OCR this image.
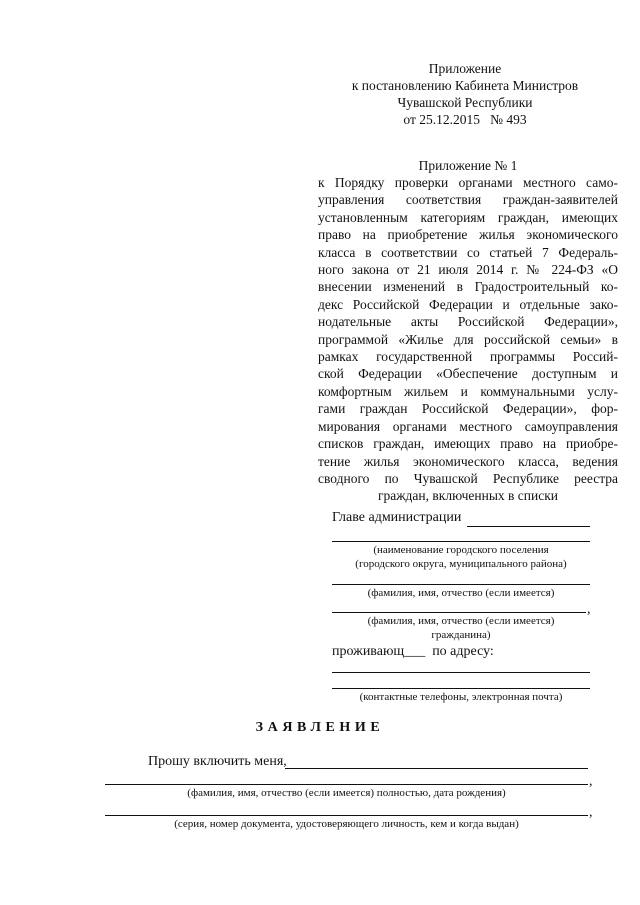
Приложение
к постановлению Кабинета Министров
Чувашской Республики
от 25.12.2015   № 493
Приложение № 1
к Порядку проверки органами местного само-
управления соответствия граждан-заявителей
установленным категориям граждан, имеющих
право на приобретение жилья экономического
класса в соответствии со статьей 7 Федераль-
ного закона от 21 июля 2014 г. № 224-ФЗ «О
внесении изменений в Градостроительный ко-
декс Российской Федерации и отдельные зако-
нодательные акты Российской Федерации»,
программой «Жилье для российской семьи» в
рамках государственной программы Россий-
ской Федерации «Обеспечение доступным и
комфортным жильем и коммунальными услу-
гами граждан Российской Федерации», фор-
мирования органами местного самоуправления
списков граждан, имеющих право на приобре-
тение жилья экономического класса, ведения
сводного по Чувашской Республике реестра
граждан, включенных в списки
Главе администрации
(наименование городского поселения
(городского округа, муниципального района)
(фамилия, имя, отчество (если имеется)
,
(фамилия, имя, отчество (если имеется)
гражданина)
проживающ___  по адресу:
(контактные телефоны, электронная почта)
ЗАЯВЛЕНИЕ
Прошу включить меня,
,
(фамилия, имя, отчество (если имеется) полностью, дата рождения)
,
(серия, номер документа, удостоверяющего личность, кем и когда выдан)
